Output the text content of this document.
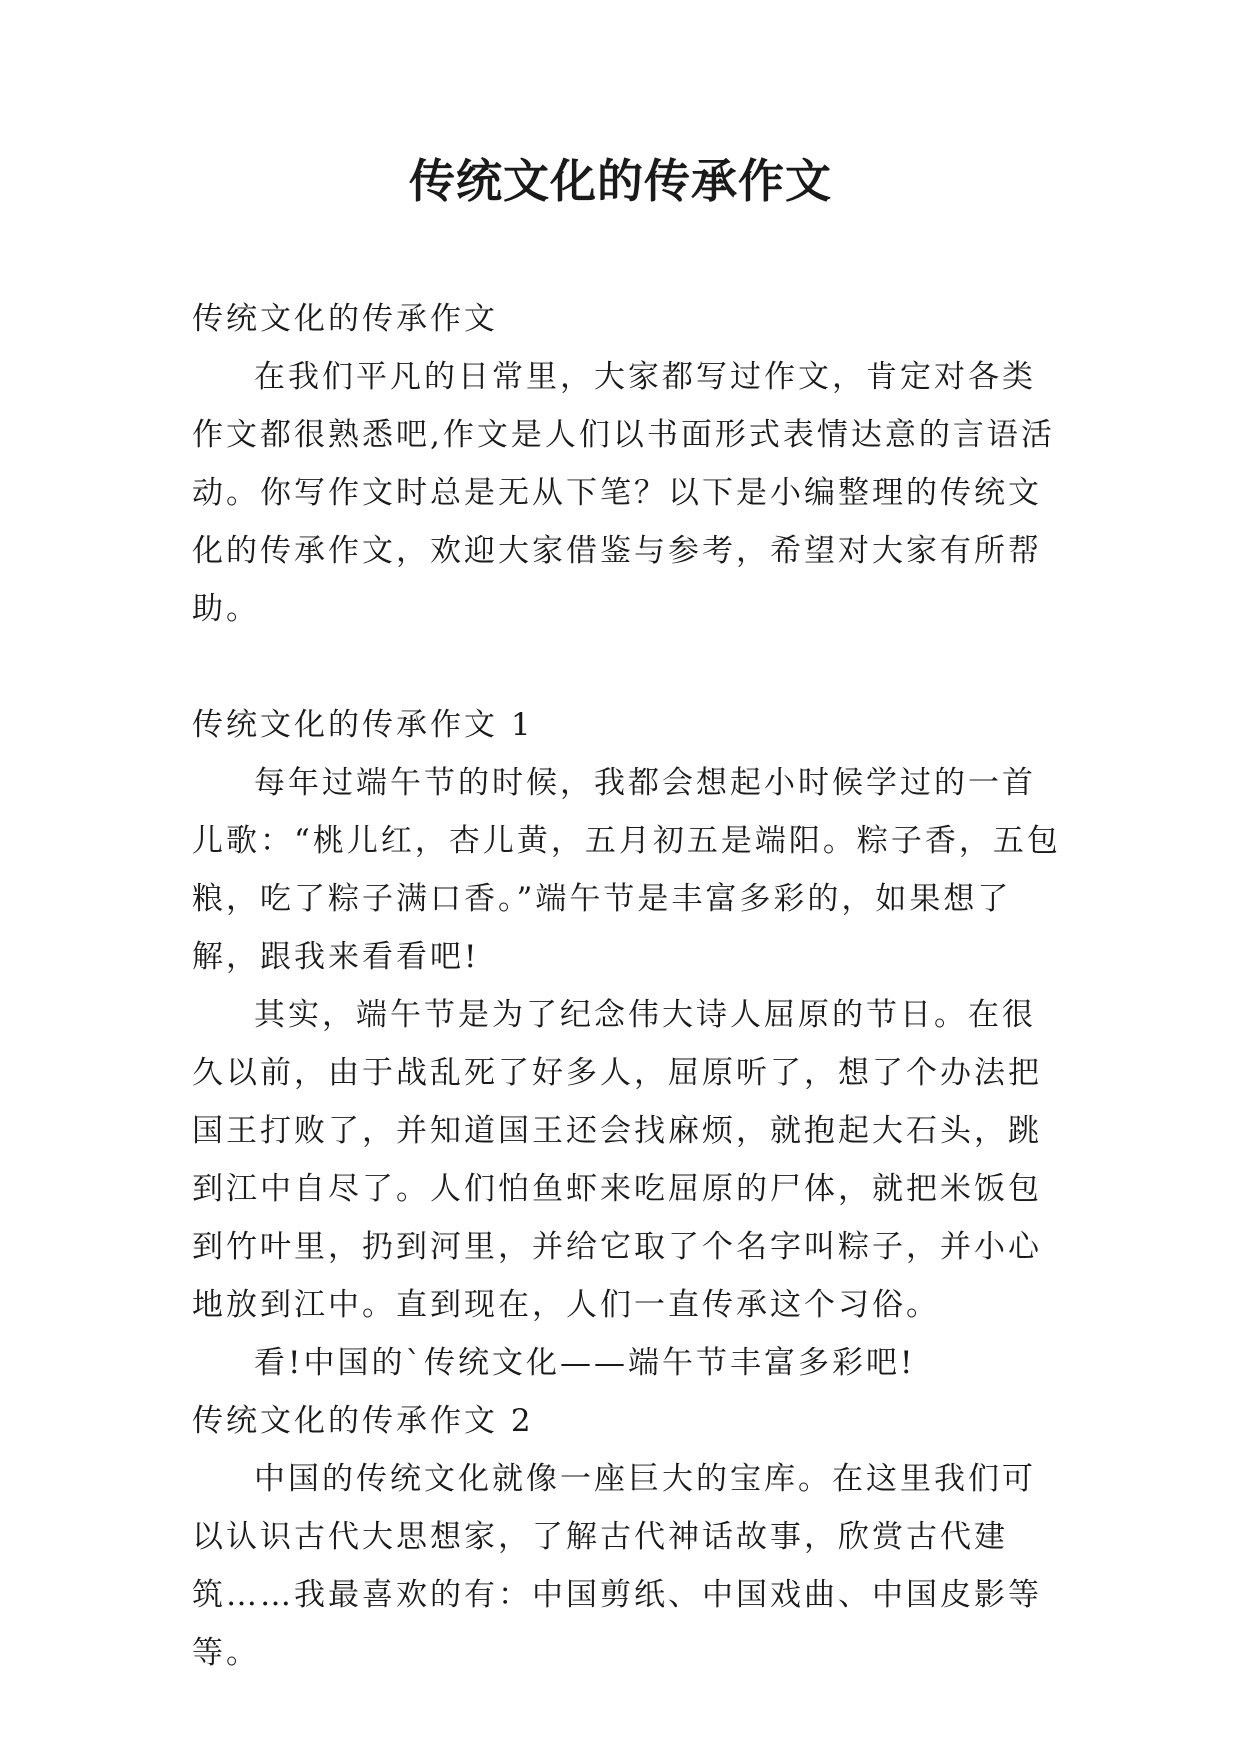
传统文化的传承作文

传统文化的传承作文

在我们平凡的日常里，大家都写过作文，肯定对各类作文都很熟悉吧,作文是人们以书面形式表情达意的言语活动。你写作文时总是无从下笔？以下是小编整理的传统文化的传承作文，欢迎大家借鉴与参考，希望对大家有所帮助。

传统文化的传承作文 1

每年过端午节的时候，我都会想起小时候学过的一首儿歌：“桃儿红，杏儿黄，五月初五是端阳。粽子香，五包粮，吃了粽子满口香。”端午节是丰富多彩的，如果想了解，跟我来看看吧!

其实，端午节是为了纪念伟大诗人屈原的节日。在很久以前，由于战乱死了好多人，屈原听了，想了个办法把国王打败了，并知道国王还会找麻烦，就抱起大石头，跳到江中自尽了。人们怕鱼虾来吃屈原的尸体，就把米饭包到竹叶里，扔到河里，并给它取了个名字叫粽子，并小心地放到江中。直到现在，人们一直传承这个习俗。

看!中国的`传统文化——端午节丰富多彩吧!

传统文化的传承作文 2

中国的传统文化就像一座巨大的宝库。在这里我们可以认识古代大思想家，了解古代神话故事，欣赏古代建筑……我最喜欢的有：中国剪纸、中国戏曲、中国皮影等等。
